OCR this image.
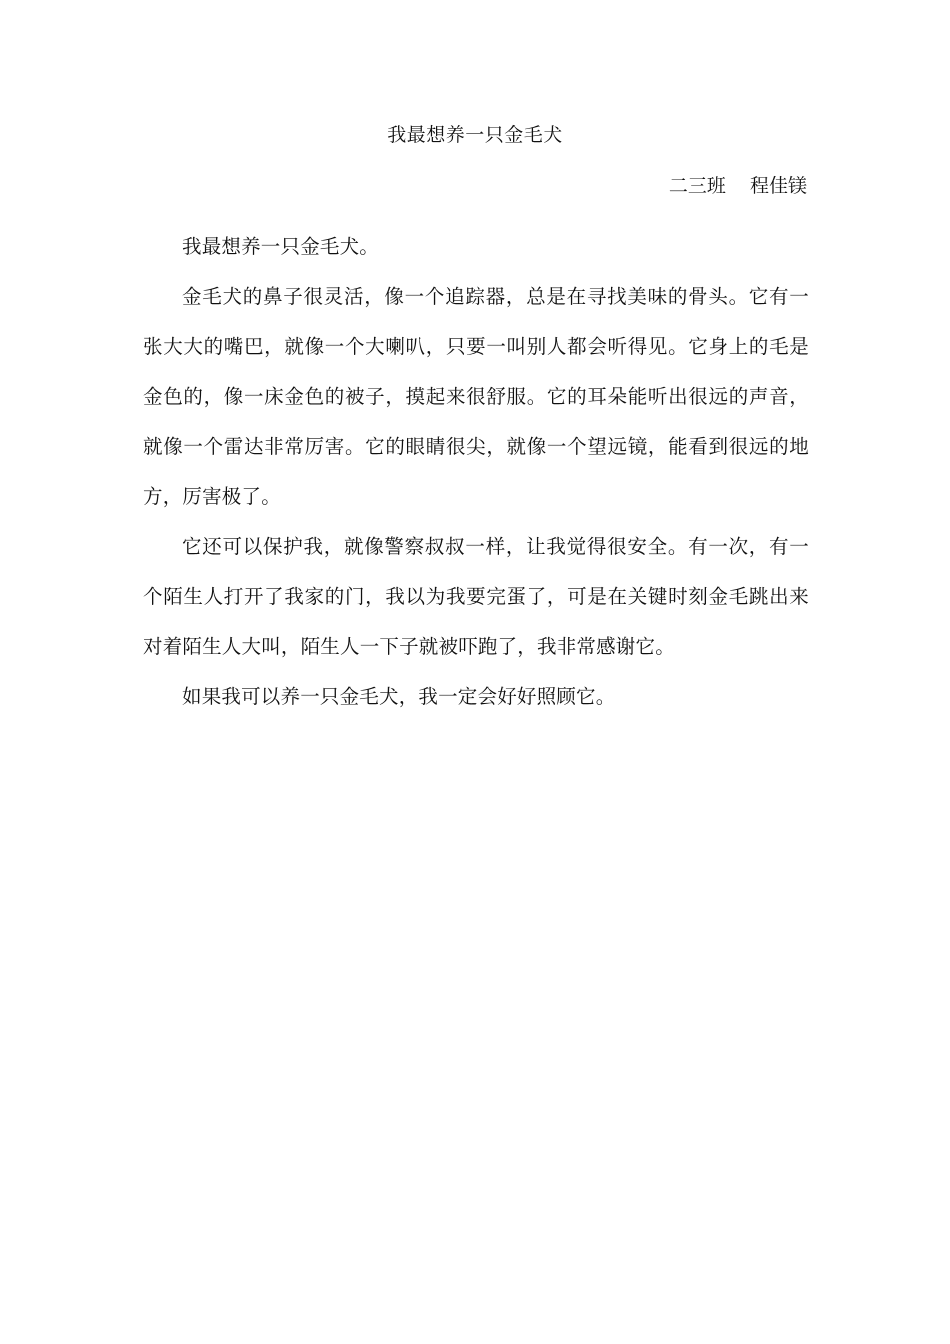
我最想养一只金毛犬
二三班    程佳镁

我最想养一只金毛犬。

金毛犬的鼻子很灵活，像一个追踪器，总是在寻找美味的骨头。它有一张大大的嘴巴，就像一个大喇叭，只要一叫别人都会听得见。它身上的毛是金色的，像一床金色的被子，摸起来很舒服。它的耳朵能听出很远的声音，就像一个雷达非常厉害。它的眼睛很尖，就像一个望远镜，能看到很远的地方，厉害极了。

它还可以保护我，就像警察叔叔一样，让我觉得很安全。有一次，有一个陌生人打开了我家的门，我以为我要完蛋了，可是在关键时刻金毛跳出来对着陌生人大叫，陌生人一下子就被吓跑了，我非常感谢它。

如果我可以养一只金毛犬，我一定会好好照顾它。
